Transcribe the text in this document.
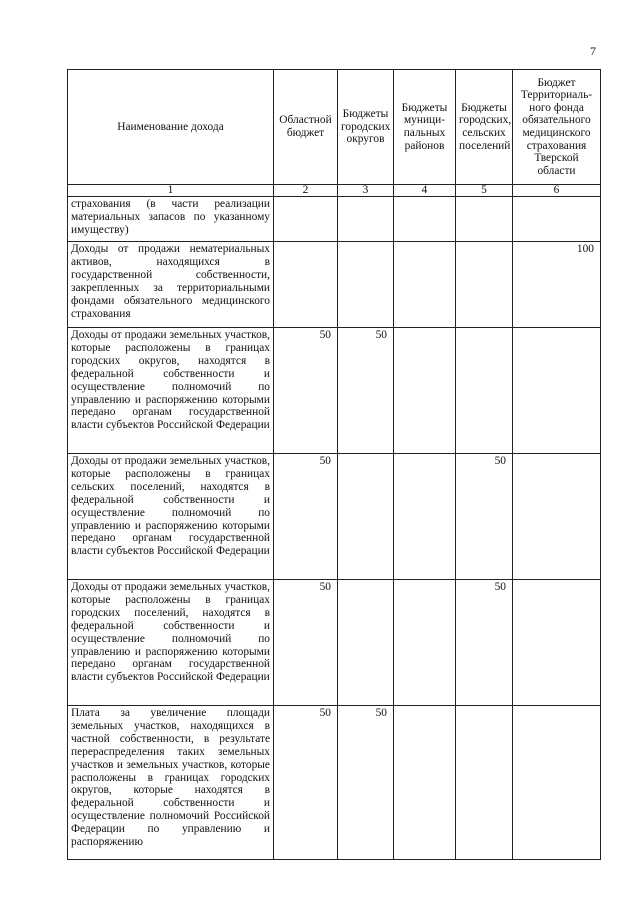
7
Наименование дохода	Областной бюджет	Бюджеты городских округов	Бюджеты муници-пальных районов	Бюджеты городских, сельских поселений	Бюджет Территориаль-ного фонда обязательного медицинского страхования Тверской области
1	2	3	4	5	6
страхования (в части реализации материальных запасов по указанному имуществу)					
Доходы от продажи нематериальных активов, находящихся в государственной собственности, закрепленных за территориальными фондами обязательного медицинского страхования					100
Доходы от продажи земельных участков, которые расположены в границах городских округов, находятся в федеральной собственности и осуществление полномочий по управлению и распоряжению которыми передано органам государственной власти субъектов Российской Федерации	50	50			
Доходы от продажи земельных участков, которые расположены в границах сельских поселений, находятся в федеральной собственности и осуществление полномочий по управлению и распоряжению которыми передано органам государственной власти субъектов Российской Федерации	50			50	
Доходы от продажи земельных участков, которые расположены в границах городских поселений, находятся в федеральной собственности и осуществление полномочий по управлению и распоряжению которыми передано органам государственной власти субъектов Российской Федерации	50			50	
Плата за увеличение площади земельных участков, находящихся в частной собственности, в результате перераспределения таких земельных участков и земельных участков, которые расположены в границах городских округов, которые находятся в федеральной собственности и осуществление полномочий Российской Федерации по управлению и распоряжению	50	50			
